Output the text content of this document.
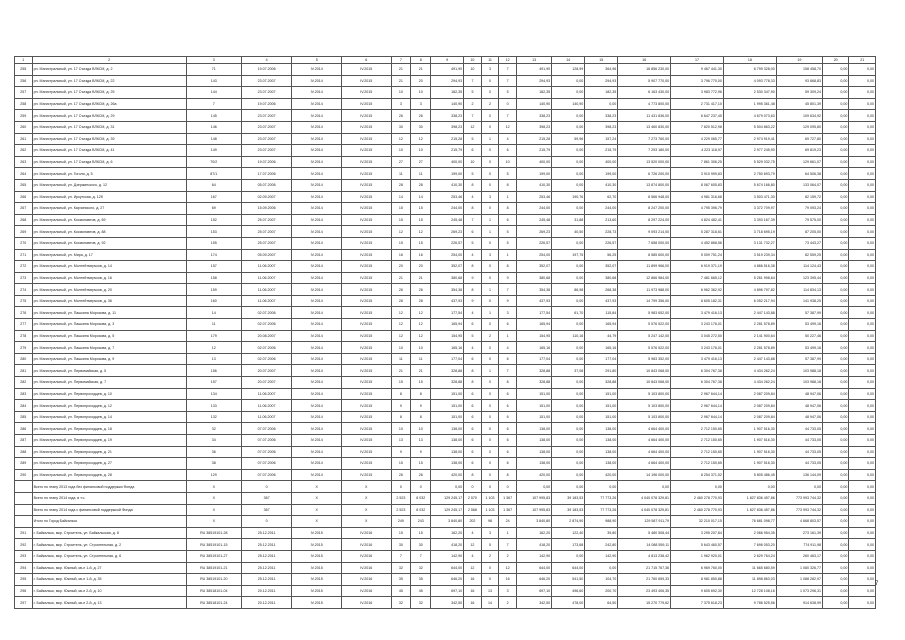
1	2	3	4	5	6	7	8	9	10	11	12	13	14	15	16	17	18	19	20	21
255	рп. Магистральный, ул. 17 Съезда ВЛКСМ, д. 2	71	19.07.2006	IV.2014	IV.2015	21	21	491,90	10	3	7	491,90	128,99	364,96	16 856 230,00	9 467 441,30	6 799 328,00	158 458,70	0,00	0,00
256	рп. Магистральный, ул. 17 Съезда ВЛКСМ, д. 22	143	23.07.2007	IV.2014	IV.2015	21	20	294,93	7	0	7	294,93	0,00	294,93	5 907 770,00	3 796 770,00	4 093 778,33	93 668,83	0,00	0,00
257	рп. Магистральный, ул. 17 Съезда ВЛКСМ, д. 25	144	23.07.2007	IV.2014	IV.2015	10	10	182,35	5	0	5	182,35	0,00	182,35	6 163 430,00	3 983 772,96	2 530 347,90	59 309,24	0,00	0,00
258	рп. Магистральный, ул. 17 Съезда ВЛКСМ, д. 26а	7	19.07.2006	IV.2014	IV.2015	3	3	140,90	2	2	0	140,90	140,90	0,00	4 773 800,00	2 731 417,10	1 995 361,48	45 801,39	0,00	0,00
259	рп. Магистральный, ул. 17 Съезда ВЛКСМ, д. 29	145	23.07.2007	IV.2014	IV.2015	26	26	338,23	7	0	7	338,23	0,00	338,23	11 431 836,00	6 647 237,45	4 679 073,63	109 634,92	0,00	0,00
260	рп. Магистральный, ул. 17 Съезда ВЛКСМ, д. 31	146	23.07.2007	IV.2014	IV.2015	30	30	398,23	12	0	12	398,23	0,00	398,23	13 460 830,00	7 820 512,98	5 504 863,22	129 095,80	0,00	0,00
261	рп. Магистральный, ул. 17 Съезда ВЛКСМ, д. 39	148	23.07.2007	IV.2014	IV.2015	12	12	215,28	5	1	4	215,28	59,96	157,24	7 273 760,00	4 229 065,77	2 974 919,41	69 727,80	0,00	0,00
262	рп. Магистральный, ул. 17 Съезда ВЛКСМ, д. 41	149	23.07.2007	IV.2014	IV.2015	10	10	215,79	6	0	6	215,79	0,00	215,79	7 293 180,00	4 223 118,97	2 977 245,90	69 819,23	0,00	0,00
263	рп. Магистральный, ул. 17 Съезда ВЛКСМ, д. 6	70/2	19.07.2006	IV.2014	IV.2015	27	27	400,00	10	0	10	400,00	0,00	400,00	13 520 000,00	7 861 306,25	5 529 032,75	129 661,07	0,00	0,00
264	рп. Магистральный, ул. Гоголя, д. 5	87/1	17.07.2006	IV.2014	IV.2015	11	11	199,00	5	0	5	199,00	0,00	199,00	6 726 200,00	3 910 999,83	2 750 693,79	64 506,38	0,00	0,00
265	рп. Магистральный, ул. Дзержинского, д. 12	64	05.07.2006	IV.2014	IV.2015	28	28	410,30	8	0	8	410,30	0,00	410,30	13 874 800,00	8 067 605,83	5 674 166,80	133 064,07	0,00	0,00
266	рп. Магистральный, ул. Иркутская, д. 12б	167	02.09.2007	IV.2014	IV.2015	14	14	253,46	4	3	1	253,46	190,76	62,70	8 566 948,00	4 981 316,68	3 503 471,30	82 159,72	0,00	0,00
267	рп. Магистральный, ул. Карчинского, д. 27	69	15.09.2006	IV.2014	IV.2015	15	15	244,00	8	0	8	244,00	0,00	244,00	8 247 200,00	4 795 396,79	3 372 709,97	79 093,24	0,00	0,00
268	рп. Магистральный, ул. Космонавтов, д. 69	152	25.07.2007	IV.2014	IV.2015	15	15	245,48	7	1	6	245,48	31,88	213,60	8 297 224,00	4 824 482,41	3 393 167,39	79 575,00	0,00	0,00
269	рп. Магистральный, ул. Космонавтов, д. 88	153	25.07.2007	IV.2014	IV.2015	12	12	269,23	6	1	5	269,23	40,50	228,73	9 093 214,00	5 287 318,61	3 718 695,19	87 205,00	0,00	0,00
270	рп. Магистральный, ул. Космонавтов, д. 92	155	25.07.2007	IV.2014	IV.2015	15	15	226,57	5	0	5	226,57	0,00	226,57	7 658 000,00	4 452 868,56	3 131 732,27	73 443,27	0,00	0,00
271	рп. Магистральный, ул. Мира, д. 17	174	05.09.2007	IV.2014	IV.2015	16	16	254,00	4	3	1	254,00	197,75	56,25	8 585 600,00	5 009 751,24	3 519 239,34	82 559,25	0,00	0,00
272	рп. Магистральный, ул. Молтейтмерчков, д. 14	157	11.06.2007	IV.2014	IV.2015	20	20	352,07	8	0	8	352,07	0,00	352,07	11 899 966,00	6 919 371,19	4 866 516,38	114 124,43	0,00	0,00
273	рп. Магистральный, ул. Молтейтмерчков, д. 16	158	11.06.2007	IV.2014	IV.2015	21	21	380,68	9	0	9	380,68	0,00	380,68	12 866 984,00	7 481 665,12	5 261 998,64	123 395,44	0,00	0,00
274	рп. Магистральный, ул. Молтейтмерчков, д. 20	159	11.06.2007	IV.2014	IV.2015	26	26	354,38	8	1	7	354,38	86,98	268,38	11 973 988,00	6 962 362,92	4 896 797,82	114 834,13	0,00	0,00
275	рп. Магистральный, ул. Молтейтмерчков, д. 36	160	11.06.2007	IV.2014	IV.2015	28	28	437,93	9	0	9	437,93	0,00	437,93	14 799 356,00	8 605 182,31	6 052 217,94	141 938,25	0,00	0,00
276	рп. Магистральный, ул. Пашкина Морозова, д. 11	14	02.07.2006	IV.2014	IV.2015	12	12	177,54	4	1	3	177,54	61,70	115,84	5 983 652,00	3 479 416,13	2 447 143,88	57 387,99	0,00	0,00
277	рп. Магистральный, ул. Пашкина Морозова, д. 3	11	02.07.2006	IV.2014	IV.2015	12	12	165,94	6	0	6	165,94	0,00	165,94	5 576 522,00	3 243 176,01	2 281 578,89	53 499,16	0,00	0,00
278	рп. Магистральный, ул. Пашкина Морозова, д. 5	179	20.08.2007	IV.2014	IV.2015	12	12	154,95	5	2	1	154,95	110,16	44,79	5 247 142,00	3 045 272,50	2 141 900,64	50 227,46	0,00	0,00
279	рп. Магистральный, ул. Пашкина Морозова, д. 7	12	02.07.2006	IV.2014	IV.2015	10	10	165,16	4	0	4	165,16	0,00	165,16	5 576 522,00	3 243 176,01	2 281 578,89	53 499,16	0,00	0,00
280	рп. Магистральный, ул. Пашкина Морозова, д. 9	13	02.07.2006	IV.2014	IV.2015	11	11	177,04	6	0	6	177,04	0,00	177,04	5 983 352,00	3 479 416,13	2 447 143,88	57 387,99	0,00	0,00
281	рп. Магистральный, ул. Первомайская, д. 5	156	20.07.2007	IV.2014	IV.2015	21	21	328,88	8	1	7	328,88	37,08	291,80	10 843 068,00	6 304 767,38	4 434 262,24	103 988,18	0,00	0,00
282	рп. Магистральный, ул. Первомайская, д. 7	157	20.07.2007	IV.2014	IV.2015	15	15	328,88	8	0	8	328,88	0,00	328,88	10 843 068,00	6 304 767,38	4 434 262,24	103 988,18	0,00	0,00
283	рп. Магистральный, ул. Первопроходцев, д. 10	134	11.06.2007	IV.2014	IV.2015	8	8	151,00	6	0	6	151,00	0,00	151,00	5 103 800,00	2 967 644,14	2 087 209,84	48 947,06	0,00	0,00
284	рп. Магистральный, ул. Первопроходцев, д. 12	133	11.06.2007	IV.2014	IV.2015	9	9	151,00	6	0	6	151,00	0,00	151,00	5 103 800,00	2 967 644,14	2 087 209,84	48 947,06	0,00	0,00
285	рп. Магистральный, ул. Первопроходцев, д. 14	132	11.06.2007	IV.2014	IV.2015	8	8	151,00	6	0	6	151,00	0,00	151,00	5 103 800,00	2 967 644,14	2 087 209,84	48 947,06	0,00	0,00
286	рп. Магистральный, ул. Первопроходцев, д. 18	32	07.07.2006	IV.2014	IV.2015	10	10	138,00	6	0	6	138,00	0,00	138,00	4 664 400,00	2 712 150,65	1 907 516,30	44 733,05	0,00	0,00
287	рп. Магистральный, ул. Первопроходцев, д. 19	34	07.07.2006	IV.2014	IV.2015	13	13	138,00	6	0	6	138,00	0,00	138,00	4 664 400,00	2 712 150,65	1 907 516,30	44 733,05	0,00	0,00
288	рп. Магистральный, ул. Первопроходцев, д. 21	36	07.07.2006	IV.2014	IV.2015	9	9	138,00	6	0	6	138,00	0,00	138,00	4 664 400,00	2 712 150,65	1 907 516,30	44 733,05	0,00	0,00
289	рп. Магистральный, ул. Первопроходцев, д. 27	38	07.07.2006	IV.2014	IV.2015	15	15	138,00	6	0	6	138,00	0,00	138,00	4 664 400,00	2 712 150,65	1 907 516,30	44 733,05	0,00	0,00
290	рп. Магистральный, ул. Первопроходцев, д. 28	129	07.07.2006	IV.2014	IV.2015	26	26	420,00	8	0	8	420,00	0,00	420,00	14 196 000,00	8 254 371,52	5 805 486,45	136 144,09	0,00	0,00
	Всего по этапу 2013 года без финансовой поддержки Фонда	X	0	X	X	0	0	0,00	0	0	0	0,00	0,00	0,00	0,00	0,00	0,00	0,00	0,00	0,00
	Всего по этапу 2014 года, в т.ч.	X	367	X	X	2 523	8 032	129 245,17	2 570	1 103	1 367	107 995,83	39 183,53	77 773,26	4 040 078 329,81	2 460 278 770,93	1 827 836 457,86	773 993 744,32	0,00	0,00
	Всего по этапу 2014 года с финансовой поддержкой Фонда	X	367	X	X	2 523	8 032	129 245,17	2 568	1 103	1 367	107 995,83	39 183,53	77 773,26	4 040 078 329,81	2 460 278 770,93	1 827 836 457,86	773 993 744,32	0,00	0,00
	Итого по Город Байкальск	X	0	X	X	249	243	3 840,80	202	98	24	3 840,80	2 874,90	988,90	129 587 911,79	32 210 017,15	76 681 098,77	4 668 803,57	0,00	0,00
291	г. Байкальск, мкр. Строитель, ул. Байкальская, д. 8	RU 38519101-28	25.12.2011	IV.2015	IV.2016	15	15	162,20	4	3	1	162,20	122,40	39,80	5 480 508,44	3 295 207,84	2 066 954,35	273 161,39	0,00	0,00
292	г. Байкальск, мкр. Строитель, ул. Строительная, д. 2	RU 38519101-15	25.12.2011	IV.2015	IV.2016	30	30	418,20	12	5	7	418,20	173,68	242,80	14 088 559,11	5 643 460,57	7 696 053,20	774 911,98	0,00	0,00
293	г. Байкальск, мкр. Строитель, ул. Строительная, д. 6	RU 38519101-27	25.12.2011	IV.2015	IV.2016	7	7	142,90	4	2	2	142,90	0,00	142,90	4 813 238,42	1 962 920,01	2 629 764,24	260 463,17	0,00	0,00
294	г. Байкальск, мкр. Южный, кв-л 1-й, д. 27	RU 38519101-21	25.12.2011	IV.2015	IV.2016	32	32	644,00	12	0	12	644,00	644,00	0,00	21 715 767,36	6 969 760,00	11 665 680,59	1 080 326,77	0,00	0,00
295	г. Байкальск, мкр. Южный, кв-л 1-й, д. 35	RU 38519101-20	25.12.2011	IV.2015	IV.2016	35	35	646,20	16	0	16	646,20	541,50	104,70	21 760 659,33	8 981 850,88	11 898 863,03	1 088 282,97	0,00	0,00
296	г. Байкальск, мкр. Южный, кв-л 2-й, д. 10	RU 38518101-04	20.12.2011	IV.2015	IV.2016	45	45	697,10	16	13	3	697,10	496,60	200,70	23 493 406,35	9 605 692,30	12 728 108,16	1 073 296,31	0,00	0,00
297	г. Байкальск, мкр. Южный, кв-л 2-й, д. 13	RU 38518101-24	20.12.2011	IV.2015	IV.2016	32	32	342,50	16	14	2	342,50	478,00	64,50	15 270 779,62	7 375 618,23	9 786 525,56	914 638,99	0,00	0,00
7
